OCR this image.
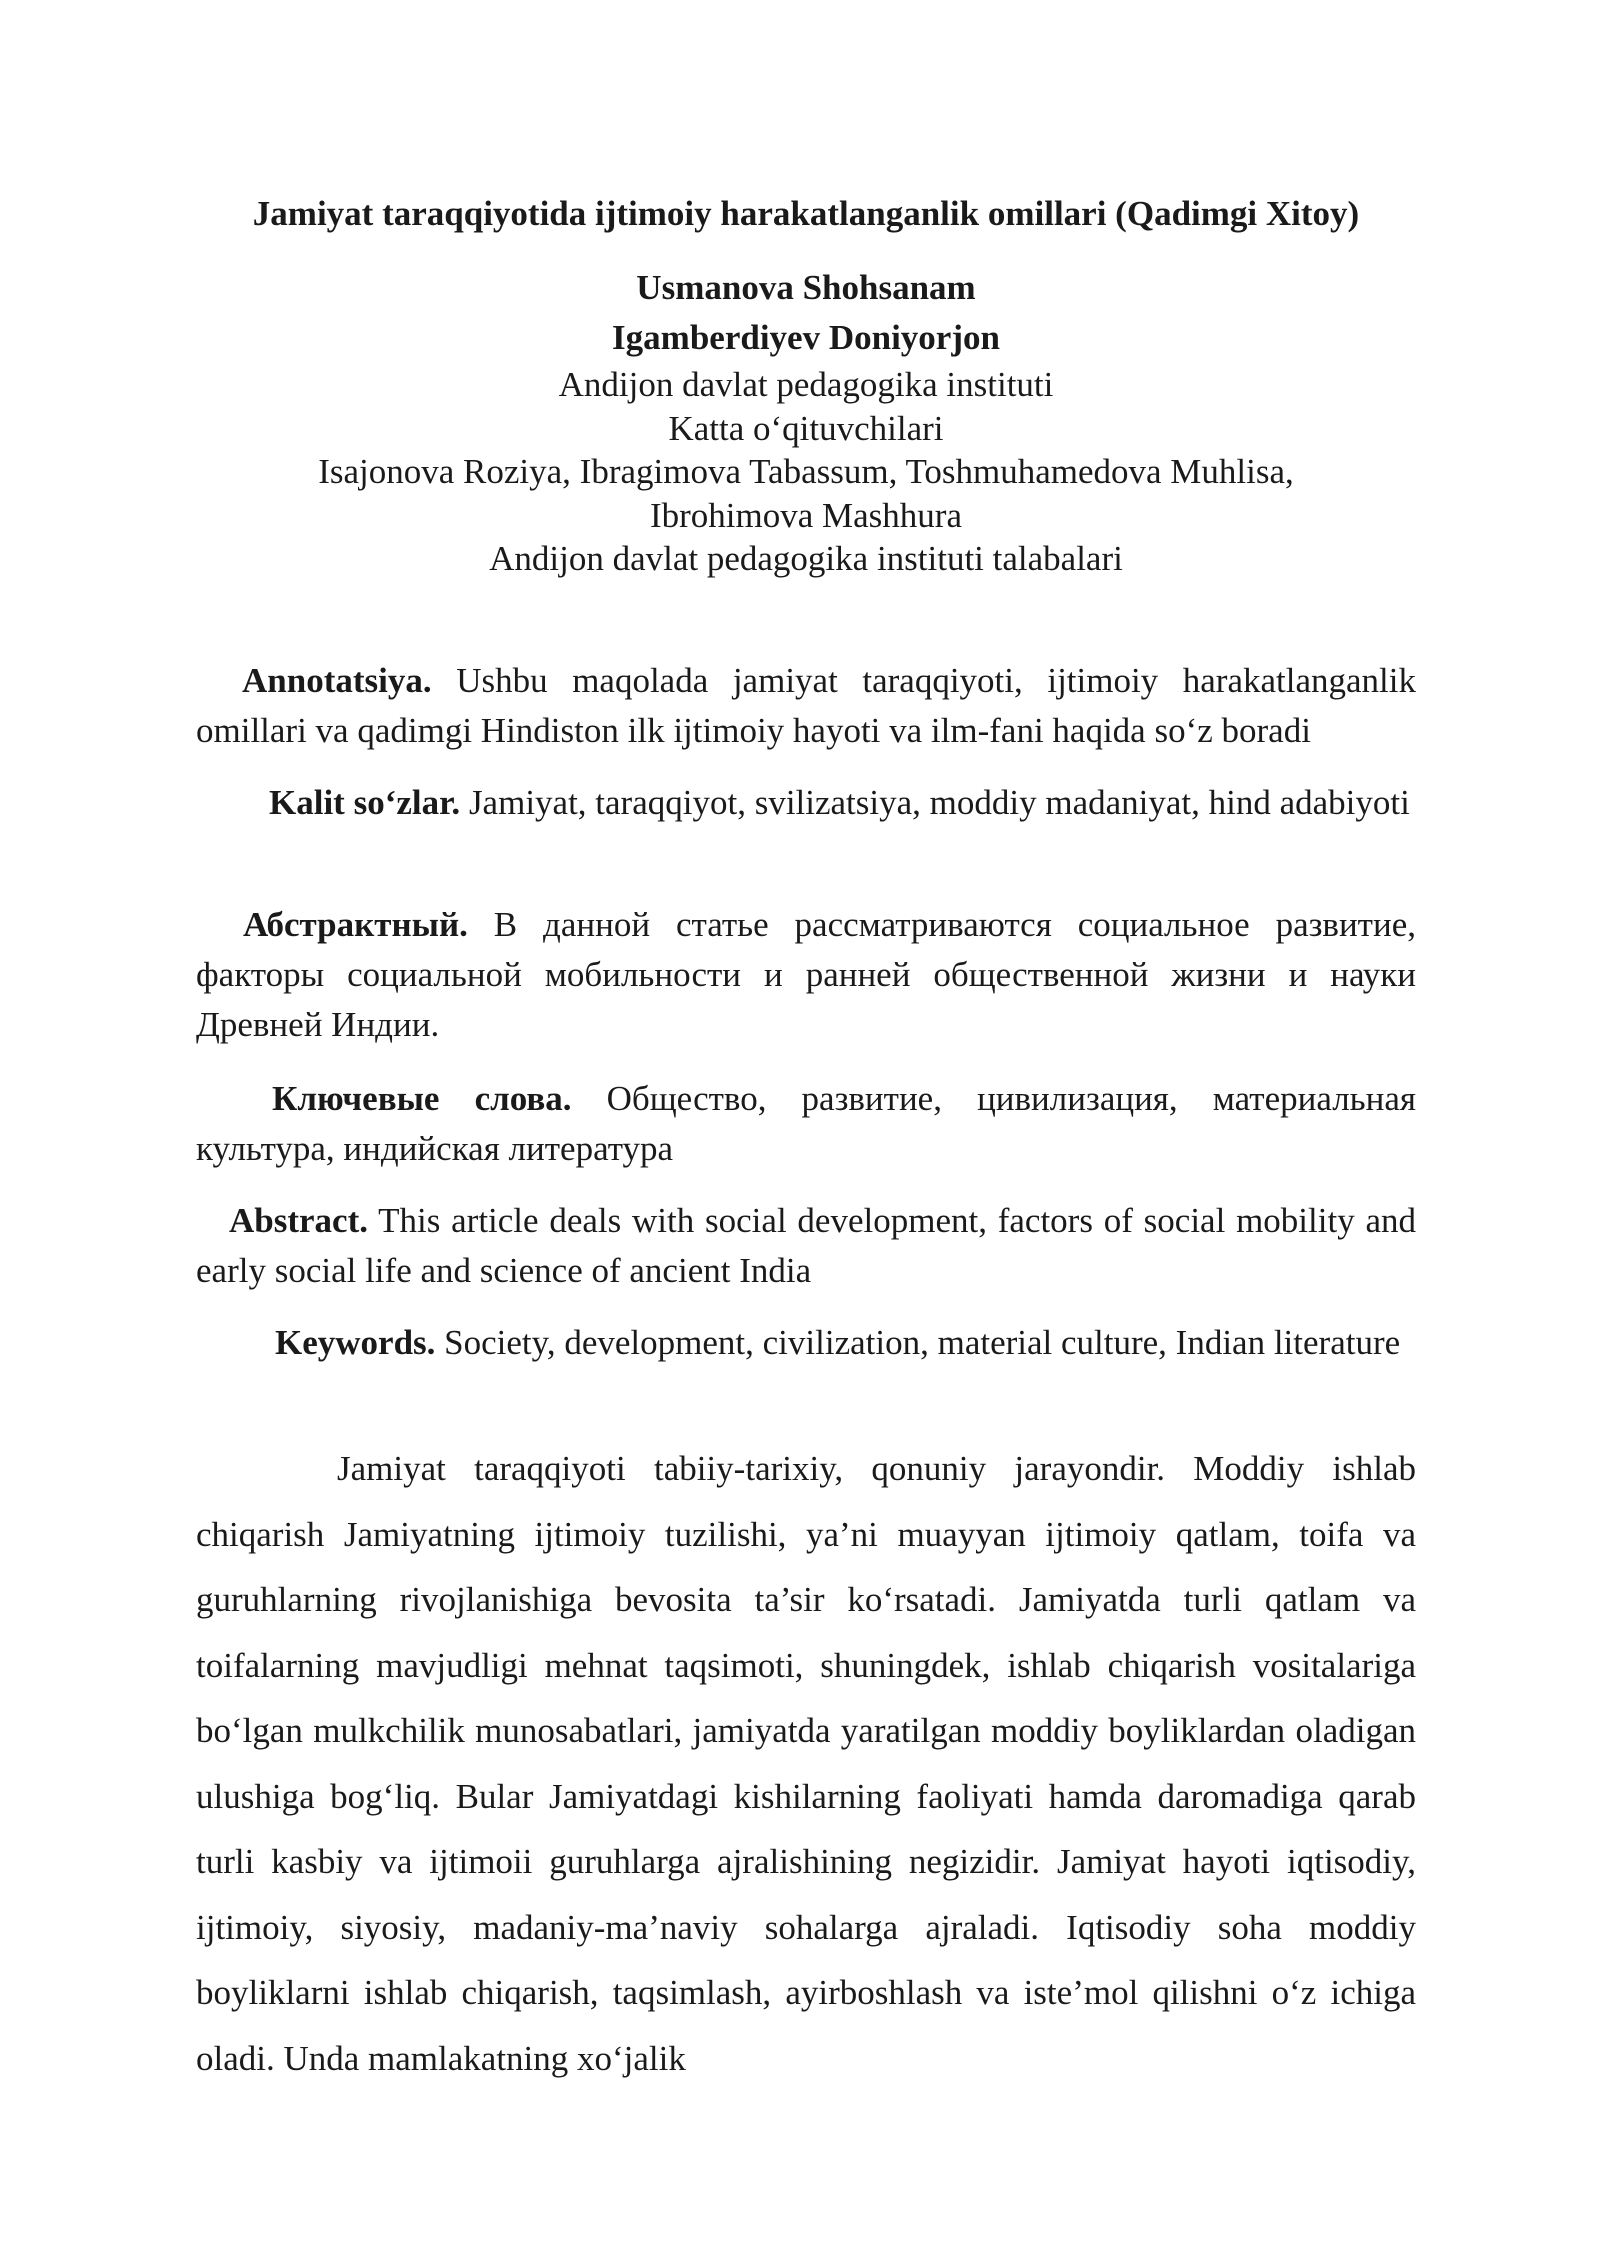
Jamiyat taraqqiyotida ijtimoiy harakatlanganlik omillari (Qadimgi Xitoy)
Usmanova Shohsanam
Igamberdiyev Doniyorjon
Andijon davlat pedagogika instituti
Katta o‘qituvchilari
Isajonova Roziya, Ibragimova Tabassum, Toshmuhamedova Muhlisa,
Ibrohimova Mashhura
Andijon davlat pedagogika instituti talabalari

Annotatsiya. Ushbu maqolada jamiyat taraqqiyoti, ijtimoiy harakatlanganlik omillari va qadimgi Hindiston ilk ijtimoiy hayoti va ilm-fani haqida so‘z boradi

Kalit so‘zlar. Jamiyat, taraqqiyot, svilizatsiya, moddiy madaniyat, hind adabiyoti

Абстрактный. В данной статье рассматриваются социальное развитие, факторы социальной мобильности и ранней общественной жизни и науки Древней Индии.

Ключевые слова. Общество, развитие, цивилизация, материальная культура, индийская литература

Abstract. This article deals with social development, factors of social mobility and early social life and science of ancient India

Keywords. Society, development, civilization, material culture, Indian literature

Jamiyat taraqqiyoti tabiiy-tarixiy, qonuniy jarayondir. Moddiy ishlab chiqarish Jamiyatning ijtimoiy tuzilishi, ya’ni muayyan ijtimoiy qatlam, toifa va guruhlarning rivojlanishiga bevosita ta’sir ko‘rsatadi. Jamiyatda turli qatlam va toifalarning mavjudligi mehnat taqsimoti, shuningdek, ishlab chiqarish vositalariga bo‘lgan mulkchilik munosabatlari, jamiyatda yaratilgan moddiy boyliklardan oladigan ulushiga bog‘liq. Bular Jamiyatdagi kishilarning faoliyati hamda daromadiga qarab turli kasbiy va ijtimoii guruhlarga ajralishining negizidir. Jamiyat hayoti iqtisodiy, ijtimoiy, siyosiy, madaniy-ma’naviy sohalarga ajraladi. Iqtisodiy soha moddiy boyliklarni ishlab chiqarish, taqsimlash, ayirboshlash va iste’mol qilishni o‘z ichiga oladi. Unda mamlakatning xo‘jalik
